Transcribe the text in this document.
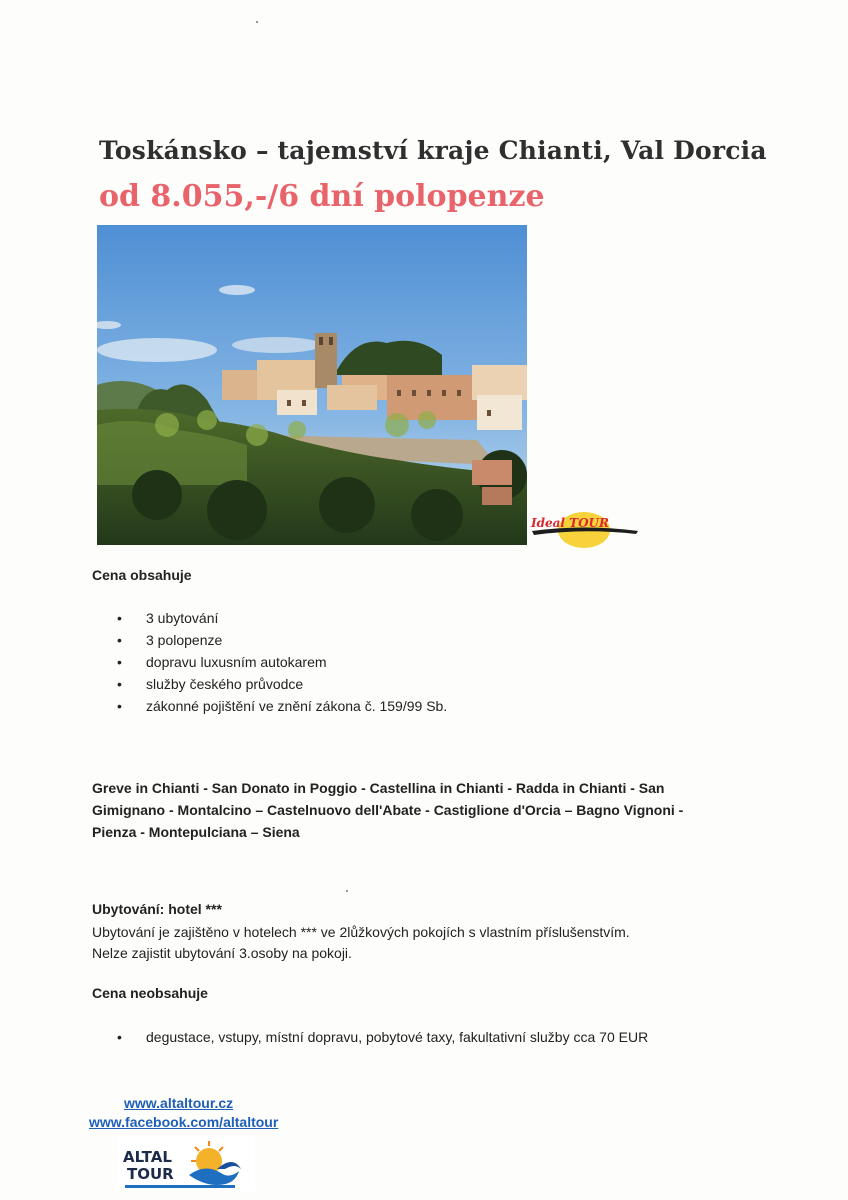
Toskánsko – tajemství kraje Chianti, Val Dorcia
od 8.055,-/6 dní polopenze
Ideal TOUR
Cena obsahuje
• 3 ubytování
• 3 polopenze
• dopravu luxusním autokarem
• služby českého průvodce
• zákonné pojištění ve znění zákona č. 159/99 Sb.
Greve in Chianti - San Donato in Poggio - Castellina in Chianti - Radda in Chianti - San
Gimignano - Montalcino – Castelnuovo dell'Abate - Castiglione d'Orcia – Bagno Vignoni -
Pienza - Montepulciana – Siena
Ubytování: hotel ***
Ubytování je zajištěno v hotelech *** ve 2lůžkových pokojích s vlastním příslušenstvím.
Nelze zajistit ubytování 3.osoby na pokoji.
Cena neobsahuje
• degustace, vstupy, místní dopravu, pobytové taxy, fakultativní služby cca 70 EUR
www.altaltour.cz
www.facebook.com/altaltour
ALTAL
TOUR
